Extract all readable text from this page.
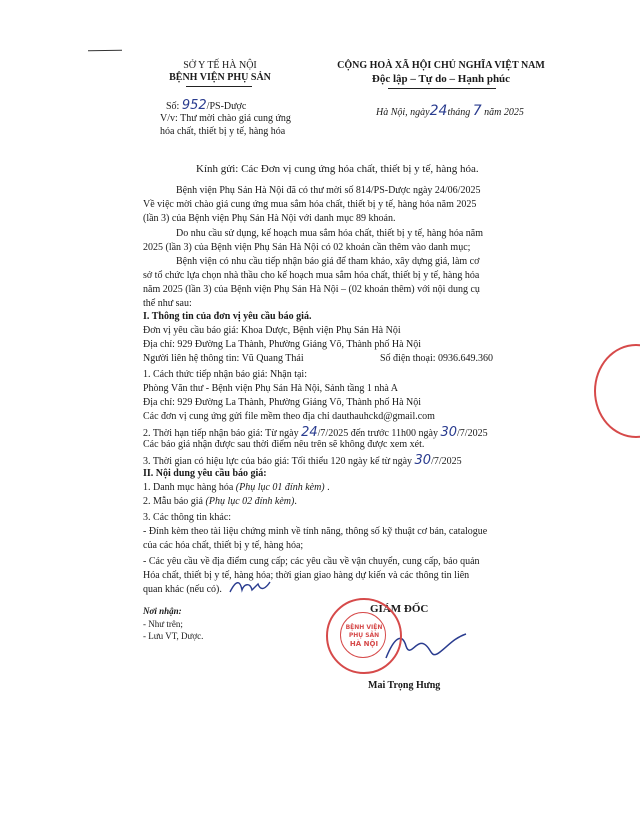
SỞ Y TẾ HÀ NỘI
BỆNH VIỆN PHỤ SẢN
Số: 952/PS-Dược
V/v: Thư mời chào giá cung ứng
hóa chất, thiết bị y tế, hàng hóa
CỘNG HOÀ XÃ HỘI CHỦ NGHĨA VIỆT NAM
Độc lập – Tự do – Hạnh phúc
Hà Nội, ngày24tháng 7 năm 2025
Kính gửi: Các Đơn vị cung ứng hóa chất, thiết bị y tế, hàng hóa.
Bệnh viện Phụ Sản Hà Nội đã có thư mời số 814/PS-Dược ngày 24/06/2025
Về việc mời chào giá cung ứng mua sắm hóa chất, thiết bị y tế, hàng hóa năm 2025
(lần 3) của Bệnh viện Phụ Sản Hà Nội với danh mục 89 khoản.
Do nhu cầu sử dụng, kế hoạch mua sắm hóa chất, thiết bị y tế, hàng hóa năm
2025 (lần 3) của Bệnh viện Phụ Sản Hà Nội có 02 khoản cần thêm vào danh mục;
Bệnh viện có nhu cầu tiếp nhận báo giá để tham khảo, xây dựng giá, làm cơ
sở tổ chức lựa chọn nhà thầu cho kế hoạch mua sắm hóa chất, thiết bị y tế, hàng hóa
năm 2025 (lần 3) của Bệnh viện Phụ Sản Hà Nội – (02 khoản thêm) với nội dung cụ
thể như sau:
I. Thông tin của đơn vị yêu cầu báo giá.
Đơn vị yêu cầu báo giá: Khoa Dược, Bệnh viện Phụ Sản Hà Nội
Địa chỉ: 929 Đường La Thành, Phường Giảng Võ, Thành phố Hà Nội
Người liên hệ thông tin: Vũ Quang Thái	Số điện thoại: 0936.649.360
1. Cách thức tiếp nhận báo giá: Nhận tại:
Phòng Văn thư - Bệnh viện Phụ Sản Hà Nội, Sảnh tầng 1 nhà A
Địa chỉ: 929 Đường La Thành, Phường Giảng Võ, Thành phố Hà Nội
Các đơn vị cung ứng gửi file mềm theo địa chỉ dauthauhckd@gmail.com
2. Thời hạn tiếp nhận báo giá: Từ ngày 24/7/2025 đến trước 11h00 ngày 30/7/2025
Các báo giá nhận được sau thời điểm nêu trên sẽ không được xem xét.
3. Thời gian có hiệu lực của báo giá: Tối thiểu 120 ngày kể từ ngày 30/7/2025
II. Nội dung yêu cầu báo giá:
1. Danh mục hàng hóa (Phụ lục 01 đính kèm) .
2. Mẫu báo giá (Phụ lục 02 đính kèm).
3. Các thông tin khác:
- Đính kèm theo tài liệu chứng minh về tính năng, thông số kỹ thuật cơ bản, catalogue
của các hóa chất, thiết bị y tế, hàng hóa;
- Các yêu cầu về địa điểm cung cấp; các yêu cầu về vận chuyển, cung cấp, bảo quản
Hóa chất, thiết bị y tế, hàng hóa; thời gian giao hàng dự kiến và các thông tin liên
quan khác (nếu có).
Nơi nhận:
- Như trên;
- Lưu VT, Dược.
GIÁM ĐỐC
Mai Trọng Hưng
BỆNH VIỆN
PHỤ SẢN
HÀ NỘI
